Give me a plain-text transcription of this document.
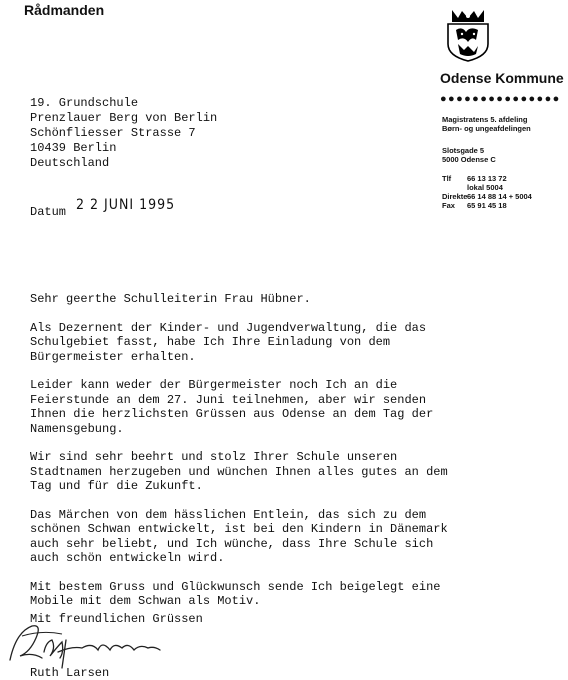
Rådmanden
Odense Kommune
●●●●●●●●●●●●●●●
Magistratens 5. afdeling
Børn- og ungeafdelingen
Slotsgade 5
5000 Odense C
Tlf	66 13 13 72
lokal 5004
Direkte 66 14 88 14 + 5004
Fax	65 91 45 18
19. Grundschule
Prenzlauer Berg von Berlin
Schönfliesser Strasse 7
10439 Berlin
Deutschland
Datum 2 2 JUNI 1995

Sehr geerthe Schulleiterin Frau Hübner.

Als Dezernent der Kinder- und Jugendverwaltung, die das Schulgebiet fasst, habe Ich Ihre Einladung von dem Bürgermeister erhalten.

Leider kann weder der Bürgermeister noch Ich an die Feierstunde an dem 27. Juni teilnehmen, aber wir senden Ihnen die herzlichsten Grüssen aus Odense an dem Tag der Namensgebung.

Wir sind sehr beehrt und stolz Ihrer Schule unseren Stadtnamen herzugeben und wünchen Ihnen alles gutes an dem Tag und für die Zukunft.

Das Märchen von dem hässlichen Entlein, das sich zu dem schönen Schwan entwickelt, ist bei den Kindern in Dänemark auch sehr beliebt, und Ich wünche, dass Ihre Schule sich auch schön entwickeln wird.

Mit bestem Gruss und Glückwunsch sende Ich beigelegt eine Mobile mit dem Schwan als Motiv.

Mit freundlichen Grüssen
Ruth Larsen
